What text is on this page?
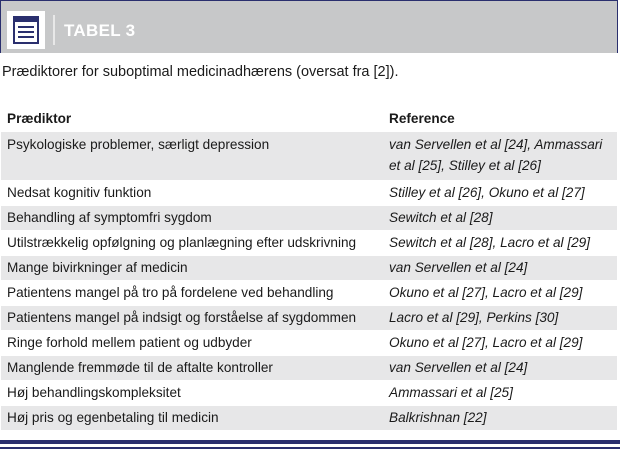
TABEL 3
Prædiktorer for suboptimal medicinadhærens (oversat fra [2]).
Prædiktor	Reference
Psykologiske problemer, særligt depression	van Servellen et al [24], Ammassari et al [25], Stilley et al [26]
Nedsat kognitiv funktion	Stilley et al [26], Okuno et al [27]
Behandling af symptomfri sygdom	Sewitch et al [28]
Utilstrækkelig opfølgning og planlægning efter udskrivning	Sewitch et al [28], Lacro et al [29]
Mange bivirkninger af medicin	van Servellen et al [24]
Patientens mangel på tro på fordelene ved behandling	Okuno et al [27], Lacro et al [29]
Patientens mangel på indsigt og forståelse af sygdommen	Lacro et al [29], Perkins [30]
Ringe forhold mellem patient og udbyder	Okuno et al [27], Lacro et al [29]
Manglende fremmøde til de aftalte kontroller	van Servellen et al [24]
Høj behandlingskompleksitet	Ammassari et al [25]
Høj pris og egenbetaling til medicin	Balkrishnan [22]
